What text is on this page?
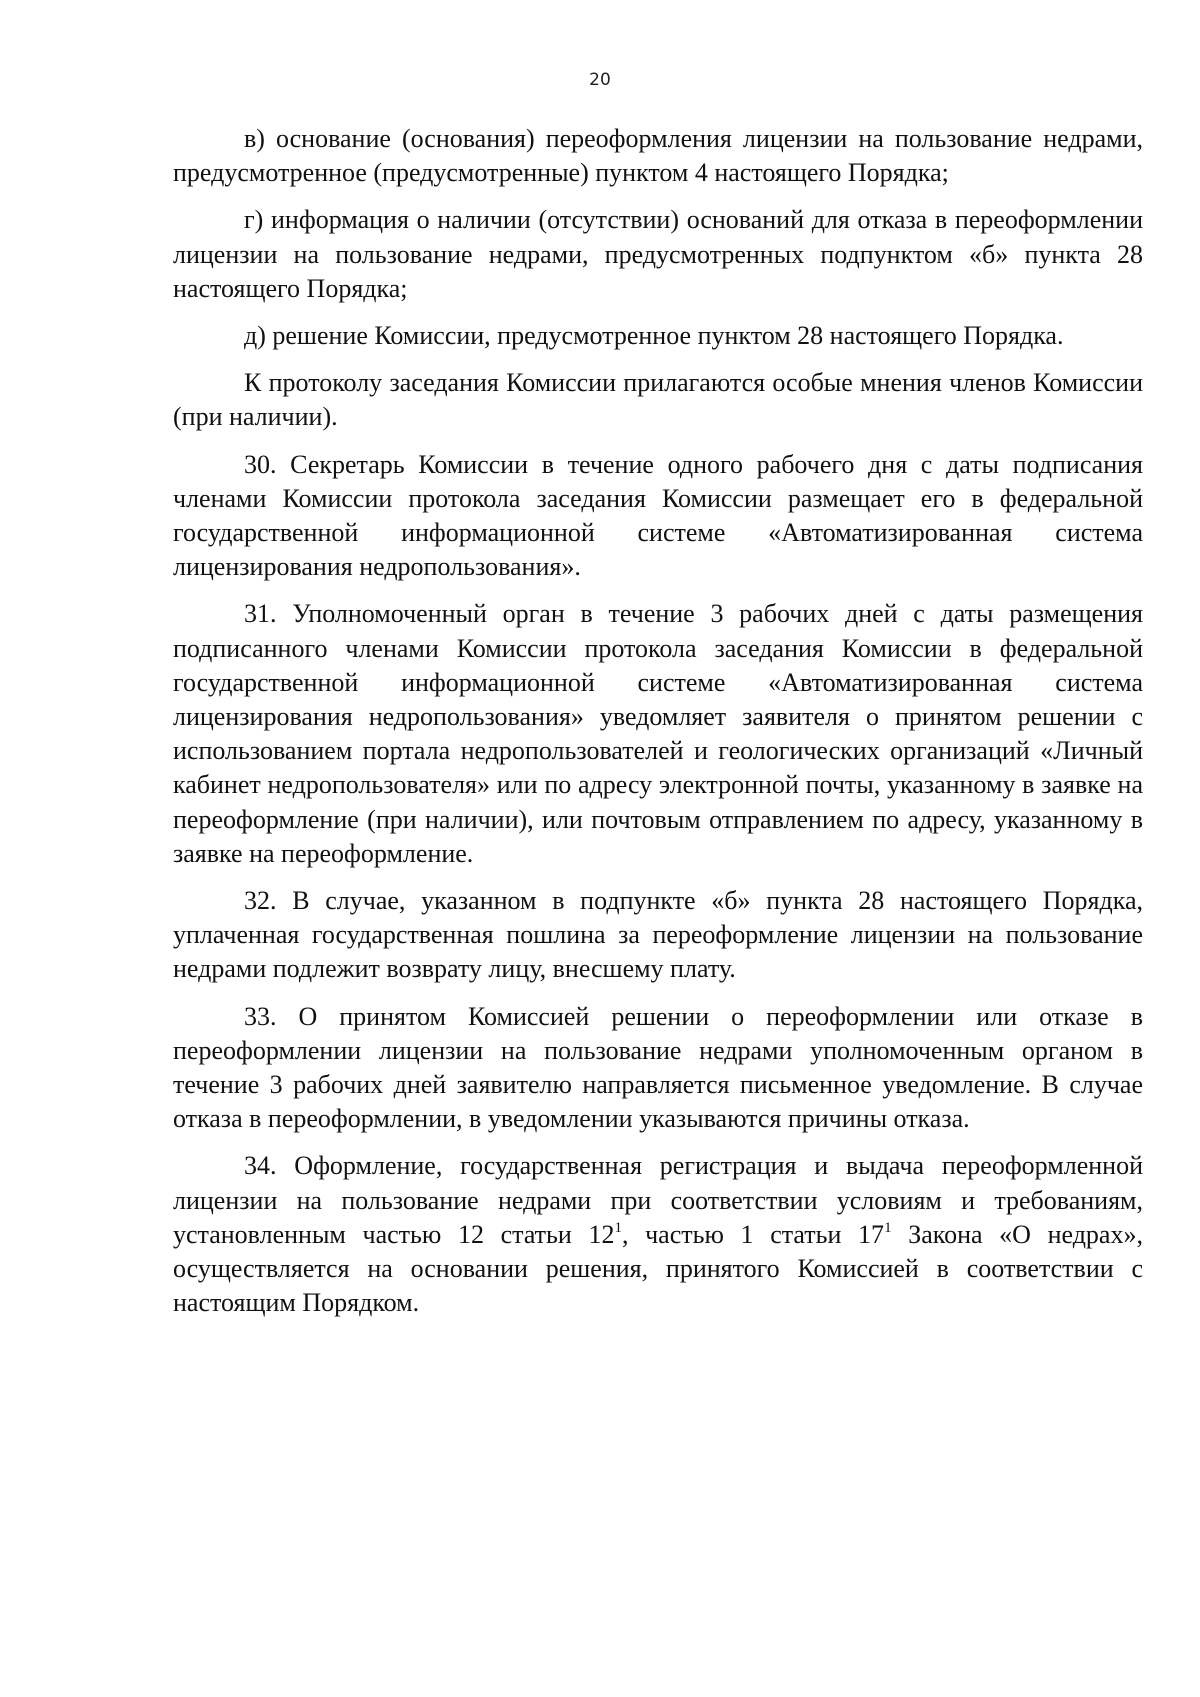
20

в) основание (основания) переоформления лицензии на пользование недрами, предусмотренное (предусмотренные) пунктом 4 настоящего Порядка;

г) информация о наличии (отсутствии) оснований для отказа в переоформлении лицензии на пользование недрами, предусмотренных подпунктом «б» пункта 28 настоящего Порядка;

д) решение Комиссии, предусмотренное пунктом 28 настоящего Порядка.

К протоколу заседания Комиссии прилагаются особые мнения членов Комиссии (при наличии).

30. Секретарь Комиссии в течение одного рабочего дня с даты подписания членами Комиссии протокола заседания Комиссии размещает его в федеральной государственной информационной системе «Автоматизированная система лицензирования недропользования».

31. Уполномоченный орган в течение 3 рабочих дней с даты размещения подписанного членами Комиссии протокола заседания Комиссии в федеральной государственной информационной системе «Автоматизированная система лицензирования недропользования» уведомляет заявителя о принятом решении с использованием портала недропользователей и геологических организаций «Личный кабинет недропользователя» или по адресу электронной почты, указанному в заявке на переоформление (при наличии), или почтовым отправлением по адресу, указанному в заявке на переоформление.

32. В случае, указанном в подпункте «б» пункта 28 настоящего Порядка, уплаченная государственная пошлина за переоформление лицензии на пользование недрами подлежит возврату лицу, внесшему плату.

33. О принятом Комиссией решении о переоформлении или отказе в переоформлении лицензии на пользование недрами уполномоченным органом в течение 3 рабочих дней заявителю направляется письменное уведомление. В случае отказа в переоформлении, в уведомлении указываются причины отказа.

34. Оформление, государственная регистрация и выдача переоформленной лицензии на пользование недрами при соответствии условиям и требованиям, установленным частью 12 статьи $12^1$, частью 1 статьи $17^1$ Закона «О недрах», осуществляется на основании решения, принятого Комиссией в соответствии с настоящим Порядком.
